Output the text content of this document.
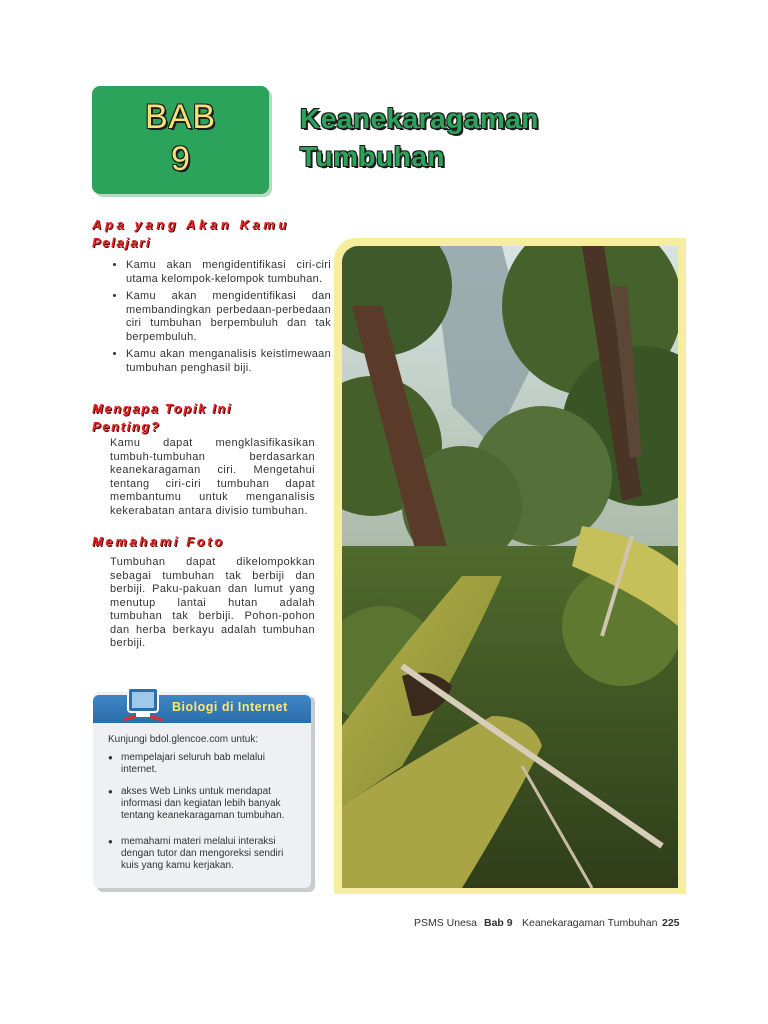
BAB
9
Keanekaragaman
Tumbuhan
Apa yang Akan Kamu
Pelajari
• Kamu akan mengidentifikasi ciri-ciri utama kelompok-kelompok tumbuhan.
• Kamu akan mengidentifikasi dan membandingkan perbedaan-perbedaan ciri tumbuhan berpembuluh dan tak berpembuluh.
• Kamu akan menganalisis keistimewaan tumbuhan penghasil biji.
Mengapa Topik Ini
Penting?
Kamu dapat mengklasifikasikan tumbuh-tumbuhan berdasarkan keanekaragaman ciri. Mengetahui tentang ciri-ciri tumbuhan dapat membantumu untuk menganalisis kekerabatan antara divisio tumbuhan.
Memahami Foto
Tumbuhan dapat dikelompokkan sebagai tumbuhan tak berbiji dan berbiji. Paku-pakuan dan lumut yang menutup lantai hutan adalah tumbuhan tak berbiji. Pohon-pohon dan herba berkayu adalah tumbuhan berbiji.
Biologi di Internet
Kunjungi bdol.glencoe.com untuk:
● mempelajari seluruh bab melalui internet.
● akses Web Links untuk mendapat informasi dan kegiatan lebih banyak tentang keanekaragaman tumbuhan.
● memahami materi melalui interaksi dengan tutor dan mengoreksi sendiri kuis yang kamu kerjakan.
PSMS Unesa Bab 9 Keanekaragaman Tumbuhan 225
